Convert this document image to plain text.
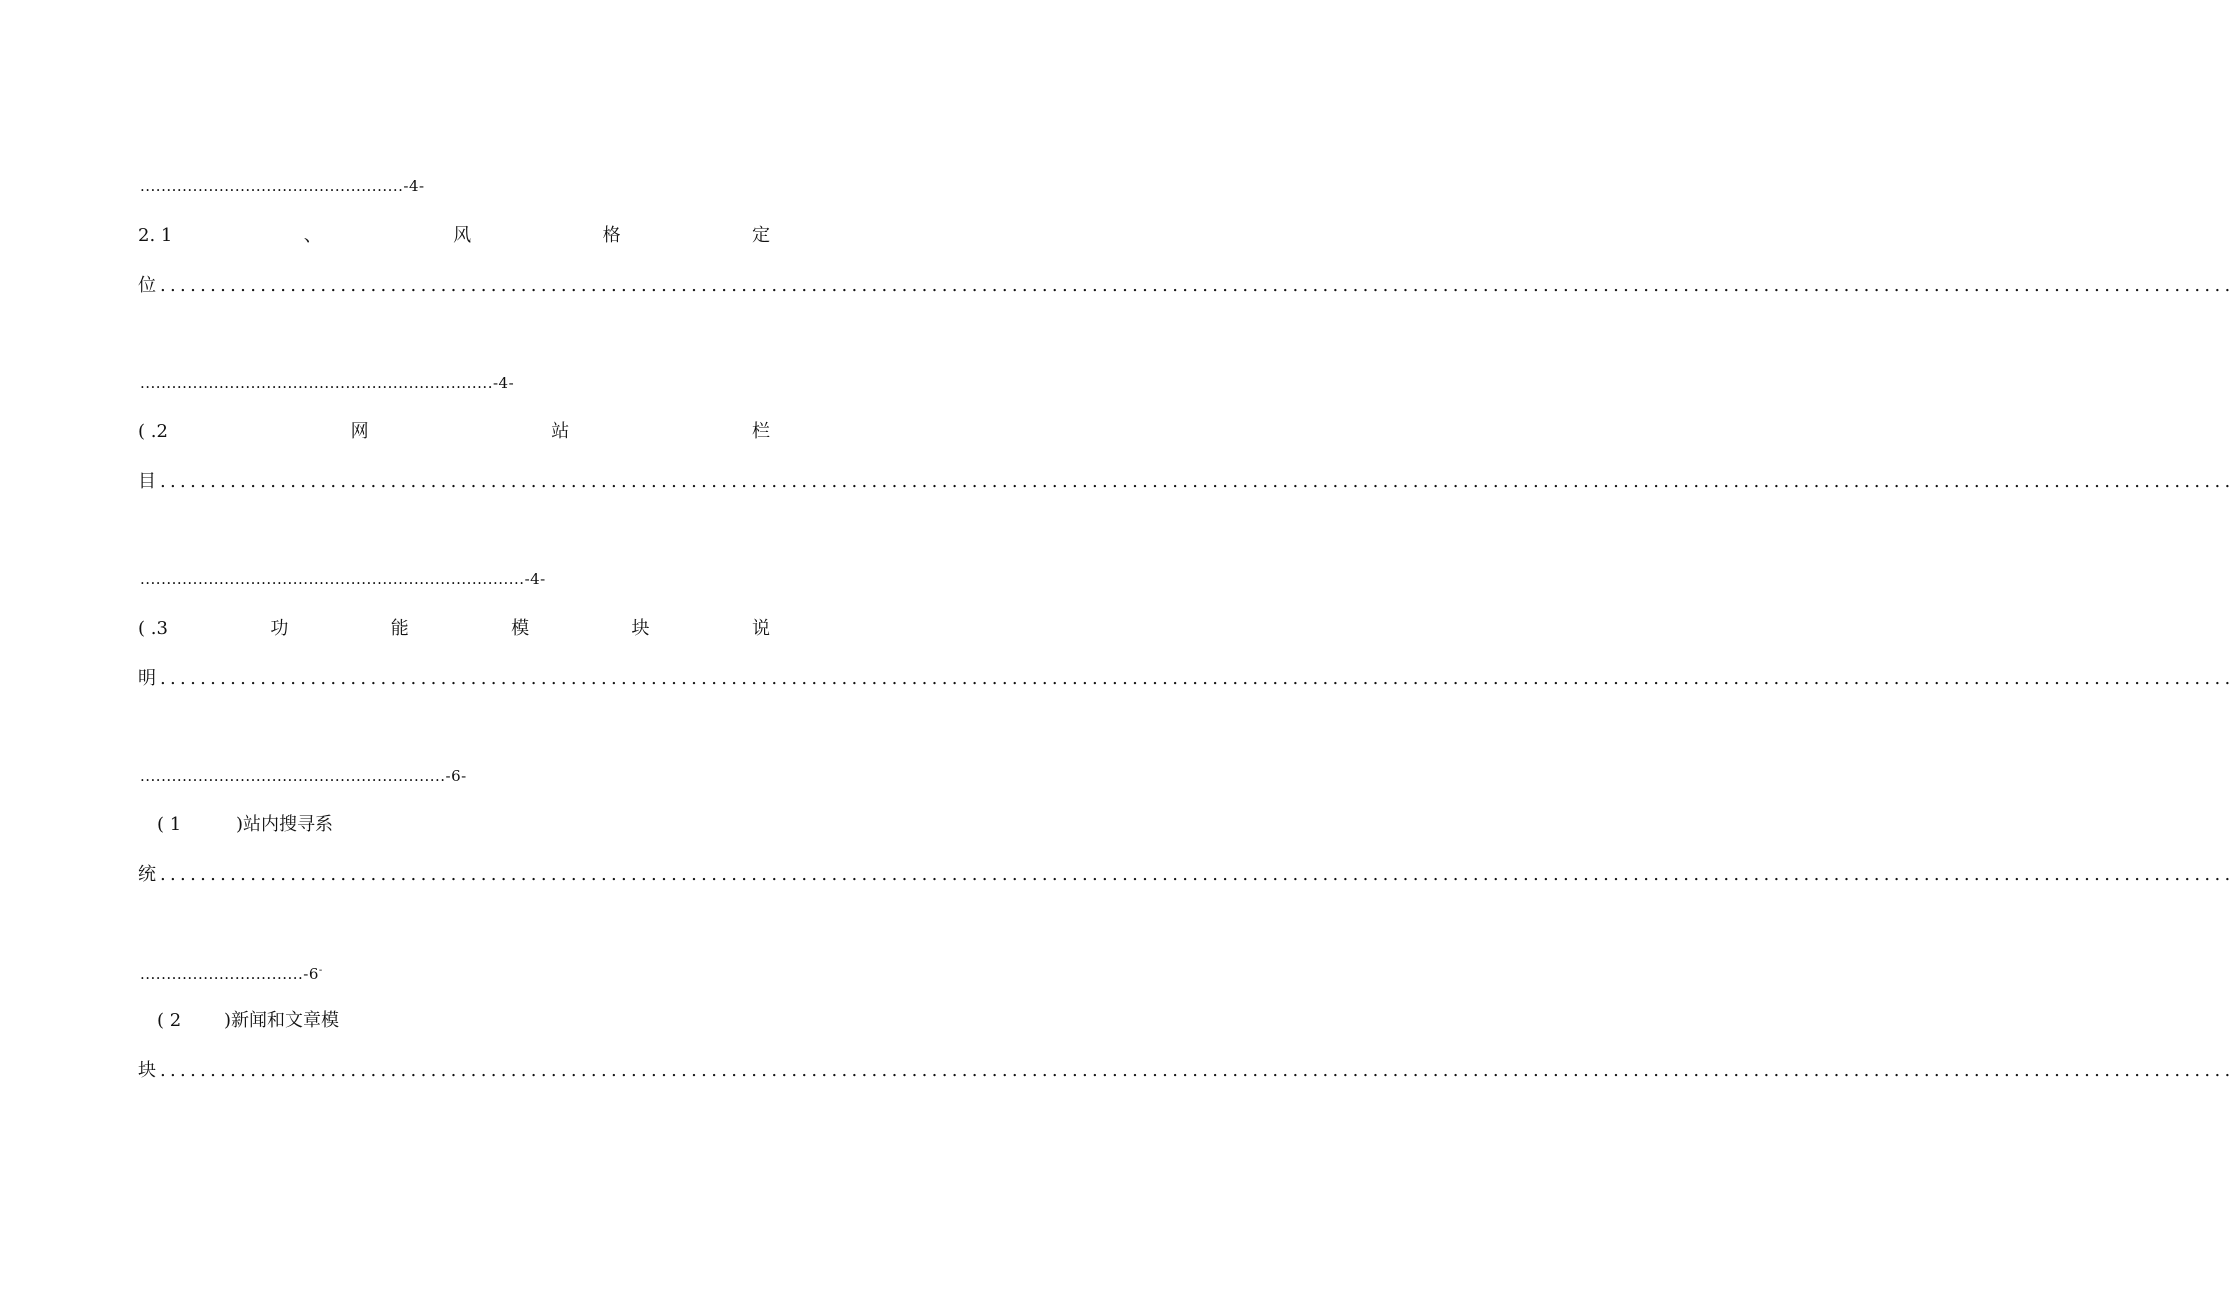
..................................................-4-
2. 1	、	风	格	定
位 ...............................................................................................................................................................................................................
...................................................................-4-
( .2	网	站	栏
目 ...............................................................................................................................................................................................................
.........................................................................-4-
( .3	功	能	模	块	说
明 ...............................................................................................................................................................................................................
..........................................................-6-
( 1	)站内搜寻系
统 ...............................................................................................................................................................................................................
...............................-6-
( 2 )新闻和文章模
块 ...............................................................................................................................................................................................................
